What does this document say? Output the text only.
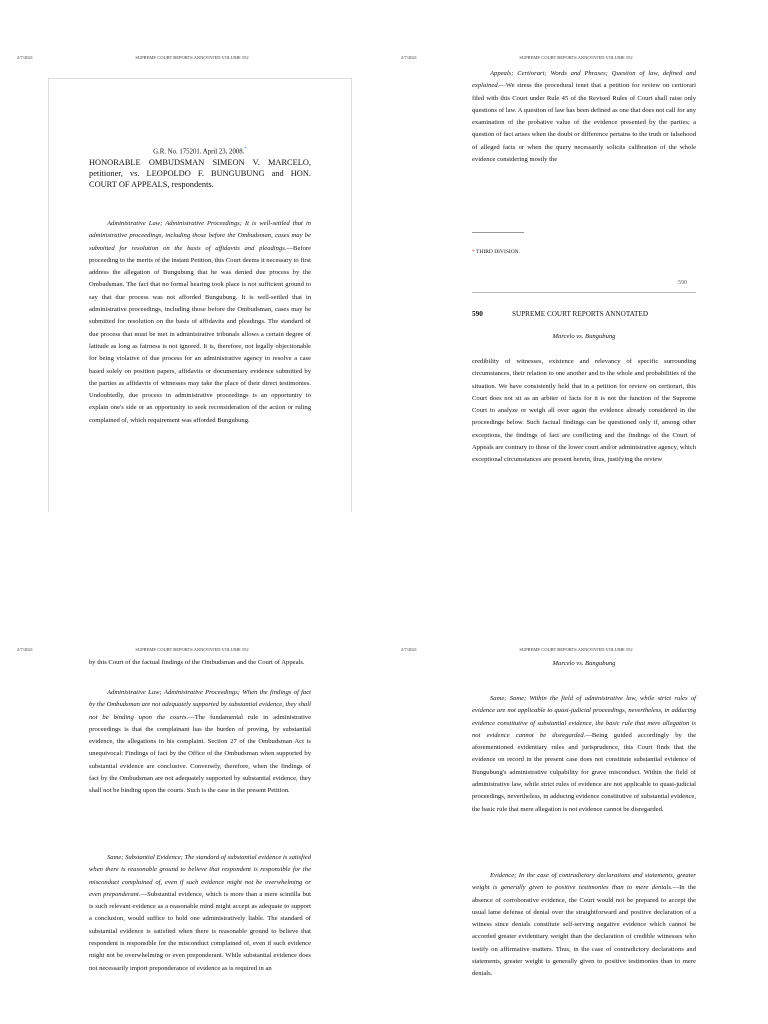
2/7/2021	SUPREME COURT REPORTS ANNOTATED VOLUME 552
G.R. No. 175201. April 23, 2008.*
HONORABLE OMBUDSMAN SIMEON V. MARCELO, petitioner, vs. LEOPOLDO F. BUNGUBUNG and HON. COURT OF APPEALS, respondents.

Administrative Law; Administrative Proceedings; It is well-settled that in administrative proceedings, including those before the Ombudsman, cases may be submitted for resolution on the basis of affidavits and pleadings.—Before proceeding to the merits of the instant Petition, this Court deems it necessary to first address the allegation of Bungubung that he was denied due process by the Ombudsman. The fact that no formal hearing took place is not sufficient ground to say that due process was not afforded Bungubung. It is well-settled that in administrative proceedings, including those before the Ombudsman, cases may be submitted for resolution on the basis of affidavits and pleadings. The standard of due process that must be met in administrative tribunals allows a certain degree of latitude as long as fairness is not ignored. It is, therefore, not legally objectionable for being violative of due process for an administrative agency to resolve a case based solely on position papers, affidavits or documentary evidence submitted by the parties as affidavits of witnesses may take the place of their direct testimonies. Undoubtedly, due process in administrative proceedings is an opportunity to explain one's side or an opportunity to seek reconsideration of the action or ruling complained of, which requirement was afforded Bungubung.

2/7/2021	SUPREME COURT REPORTS ANNOTATED VOLUME 552

Appeals; Certiorari; Words and Phrases; Question of law, defined and explained.—We stress the procedural tenet that a petition for review on certiorari filed with this Court under Rule 45 of the Revised Rules of Court shall raise only questions of law. A question of law has been defined as one that does not call for any examination of the probative value of the evidence presented by the parties; a question of fact arises when the doubt or difference pertains to the truth or falsehood of alleged facts or when the query necessarily solicits calibration of the whole evidence considering mostly the

* THIRD DIVISION.
590
590	SUPREME COURT REPORTS ANNOTATED
Marcelo vs. Bungubung

credibility of witnesses, existence and relevancy of specific surrounding circumstances, their relation to one another and to the whole and probabilities of the situation. We have consistently held that in a petition for review on certiorari, this Court does not sit as an arbiter of facts for it is not the function of the Supreme Court to analyze or weigh all over again the evidence already considered in the proceedings below. Such factual findings can be questioned only if, among other exceptions, the findings of fact are conflicting and the findings of the Court of Appeals are contrary to those of the lower court and/or administrative agency, which exceptional circumstances are present herein, thus, justifying the review

2/7/2021	SUPREME COURT REPORTS ANNOTATED VOLUME 552

by this Court of the factual findings of the Ombudsman and the Court of Appeals.

Administrative Law; Administrative Proceedings; When the findings of fact by the Ombudsman are not adequately supported by substantial evidence, they shall not be binding upon the courts.—The fundamental rule in administrative proceedings is that the complainant has the burden of proving, by substantial evidence, the allegations in his complaint. Section 27 of the Ombudsman Act is unequivocal: Findings of fact by the Office of the Ombudsman when supported by substantial evidence are conclusive. Conversely, therefore, when the findings of fact by the Ombudsman are not adequately supported by substantial evidence, they shall not be binding upon the courts. Such is the case in the present Petition.

Same; Substantial Evidence; The standard of substantial evidence is satisfied when there is reasonable ground to believe that respondent is responsible for the misconduct complained of, even if such evidence might not be overwhelming or even preponderant.—Substantial evidence, which is more than a mere scintilla but is such relevant evidence as a reasonable mind might accept as adequate to support a conclusion, would suffice to hold one administratively liable. The standard of substantial evidence is satisfied when there is reasonable ground to believe that respondent is responsible for the misconduct complained of, even if such evidence might not be overwhelming or even preponderant. While substantial evidence does not necessarily import preponderance of evidence as is required in an

2/7/2021	SUPREME COURT REPORTS ANNOTATED VOLUME 552
Marcelo vs. Bungubung

Same; Same; Within the field of administrative law, while strict rules of evidence are not applicable to quasi-judicial proceedings, nevertheless, in adducing evidence constitutive of substantial evidence, the basic rule that mere allegation is not evidence cannot be disregarded.—Being guided accordingly by the aforementioned evidentiary rules and jurisprudence, this Court finds that the evidence on record in the present case does not constitute substantial evidence of Bungubung's administrative culpability for grave misconduct. Within the field of administrative law, while strict rules of evidence are not applicable to quasi-judicial proceedings, nevertheless, in adducing evidence constitutive of substantial evidence, the basic rule that mere allegation is not evidence cannot be disregarded.

Evidence; In the case of contradictory declarations and statements, greater weight is generally given to positive testimonies than to mere denials.—In the absence of corroborative evidence, the Court would not be prepared to accept the usual lame defense of denial over the straightforward and positive declaration of a witness since denials constitute self-serving negative evidence which cannot be accorded greater evidentiary weight than the declaration of credible witnesses who testify on affirmative matters. Thus, in the case of contradictory declarations and statements, greater weight is generally given to positive testimonies than to mere denials.
